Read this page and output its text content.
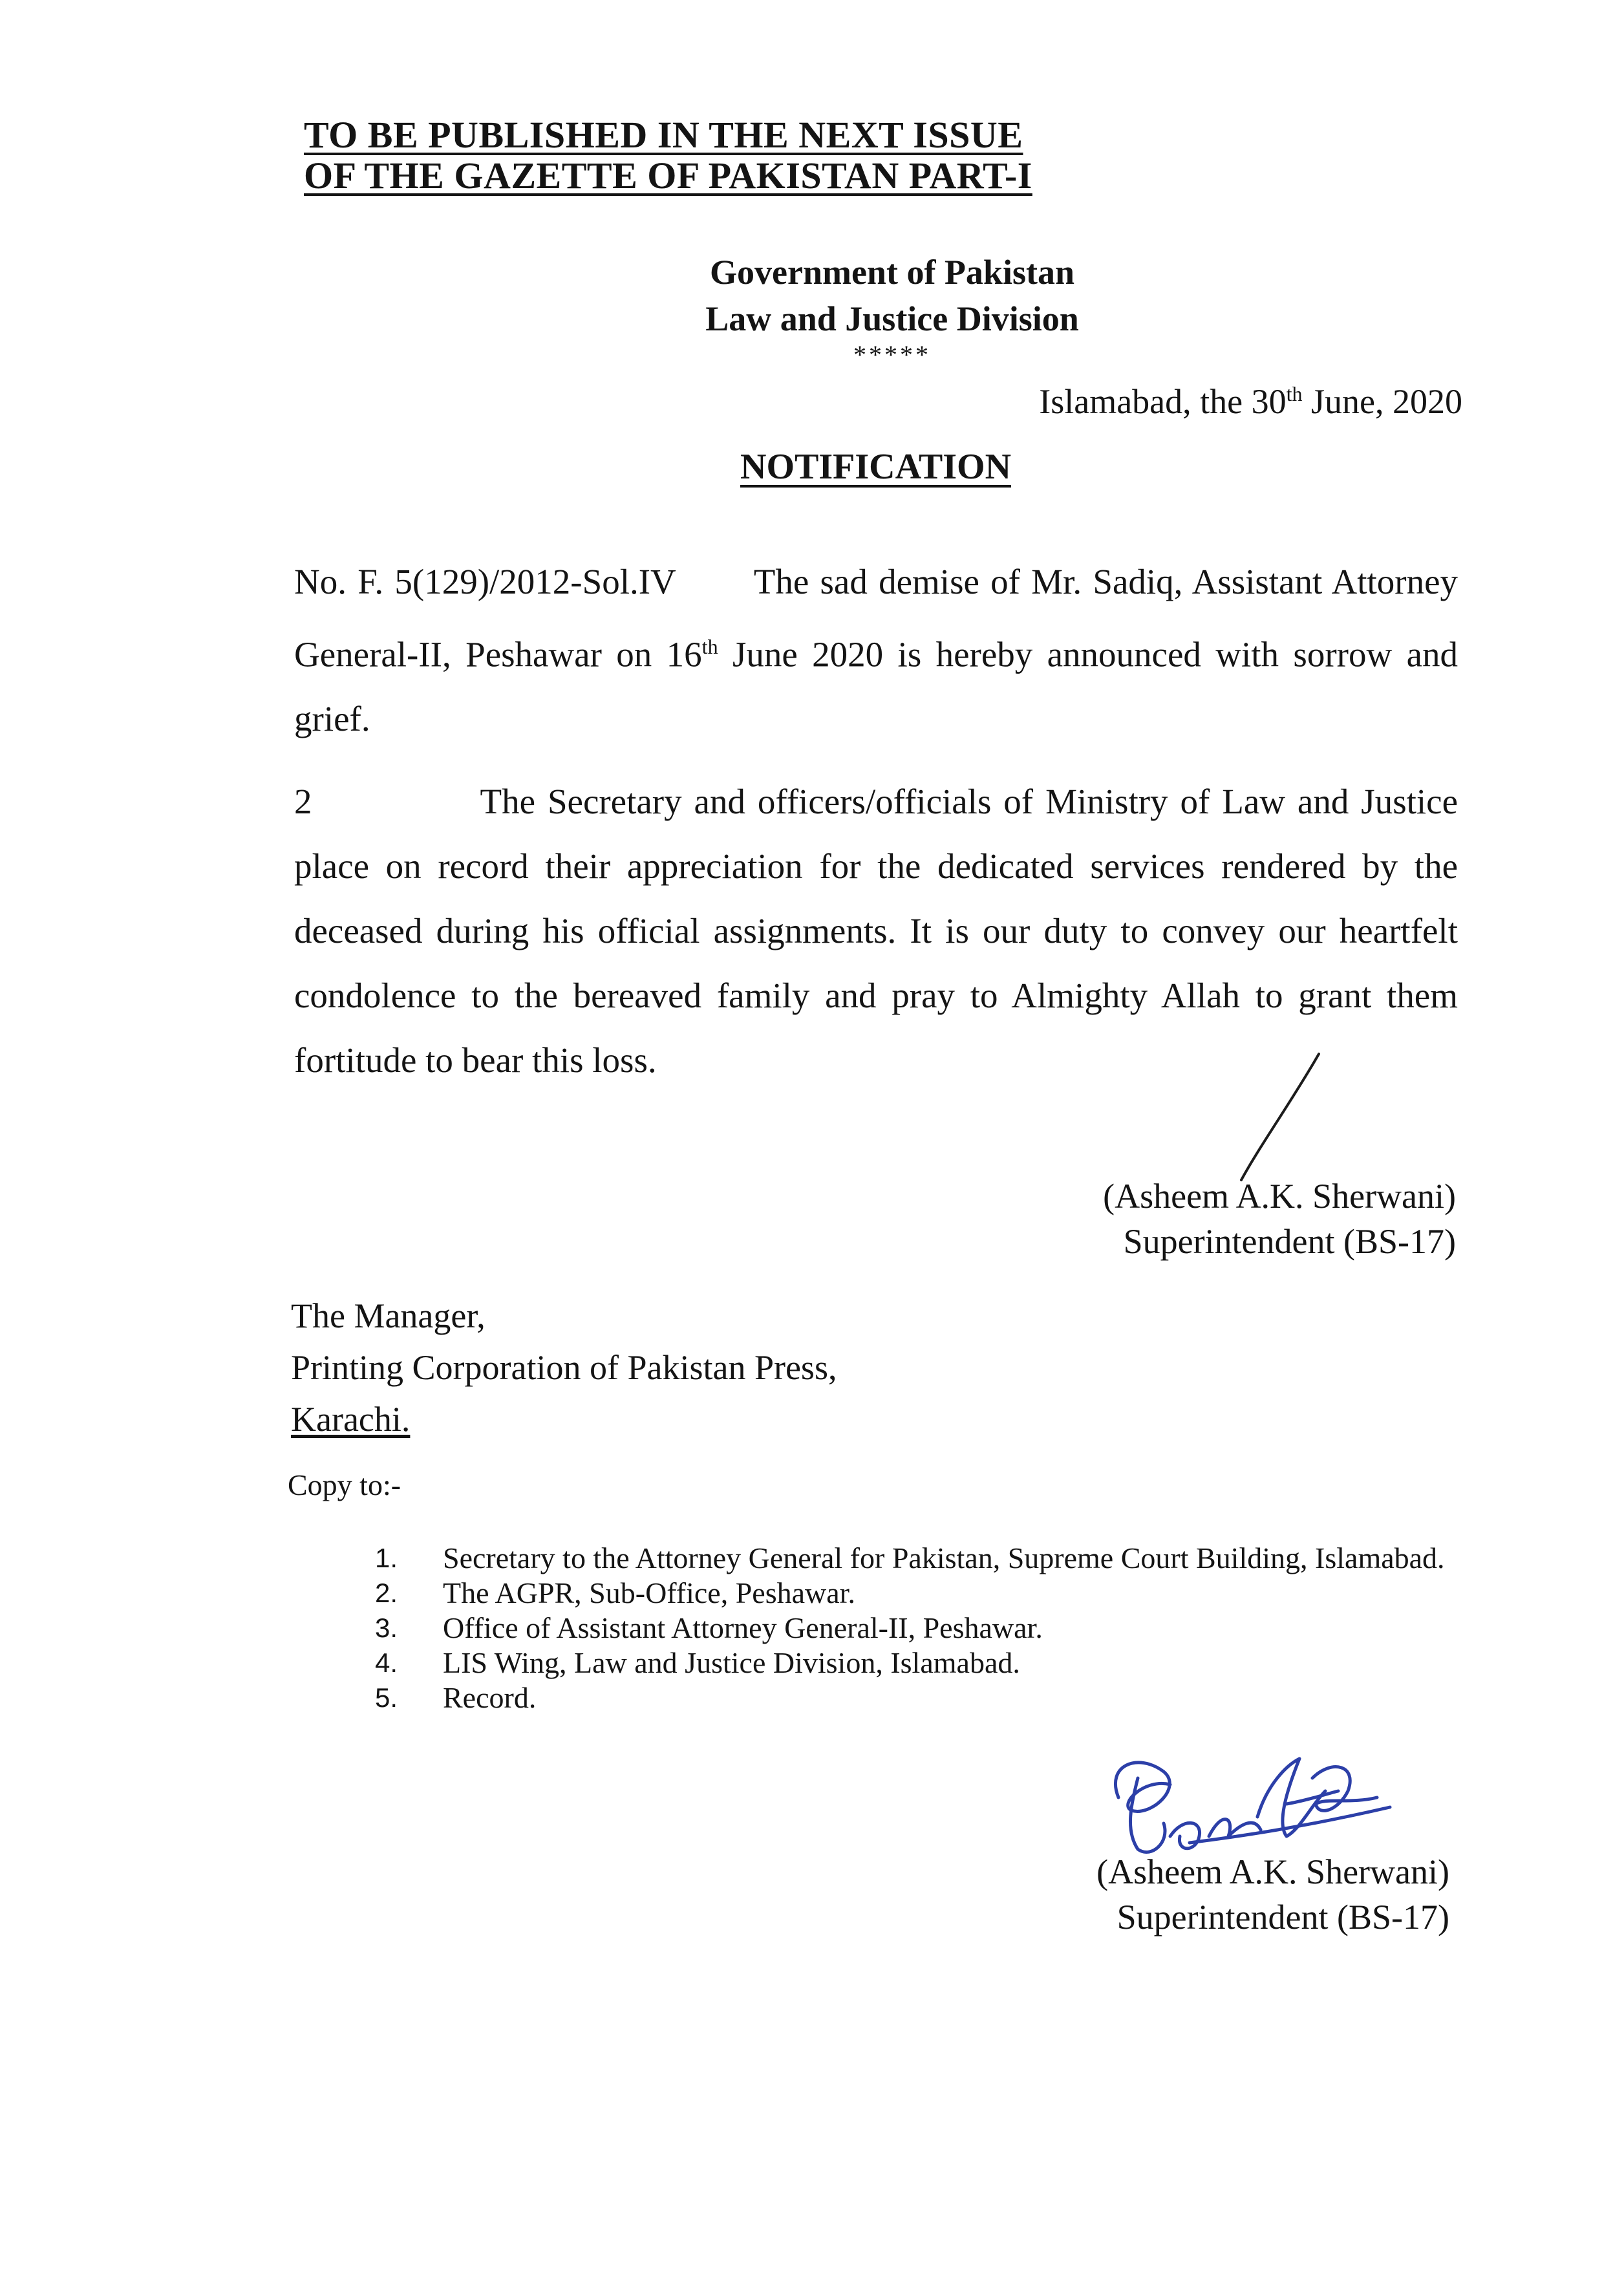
TO BE PUBLISHED IN THE NEXT ISSUE
OF THE GAZETTE OF PAKISTAN PART-I
Government of Pakistan
Law and Justice Division
*****
Islamabad, the 30th June, 2020
NOTIFICATION

No. F. 5(129)/2012-Sol.IV The sad demise of Mr. Sadiq, Assistant Attorney General-II, Peshawar on 16th June 2020 is hereby announced with sorrow and grief.

2	The Secretary and officers/officials of Ministry of Law and Justice place on record their appreciation for the dedicated services rendered by the deceased during his official assignments. It is our duty to convey our heartfelt condolence to the bereaved family and pray to Almighty Allah to grant them fortitude to bear this loss.

(Asheem A.K. Sherwani)
Superintendent (BS-17)
The Manager,
Printing Corporation of Pakistan Press,
Karachi.
Copy to:-
1.	Secretary to the Attorney General for Pakistan, Supreme Court Building, Islamabad.
2.	The AGPR, Sub-Office, Peshawar.
3.	Office of Assistant Attorney General-II, Peshawar.
4.	LIS Wing, Law and Justice Division, Islamabad.
5.	Record.
(Asheem A.K. Sherwani)
Superintendent (BS-17)
